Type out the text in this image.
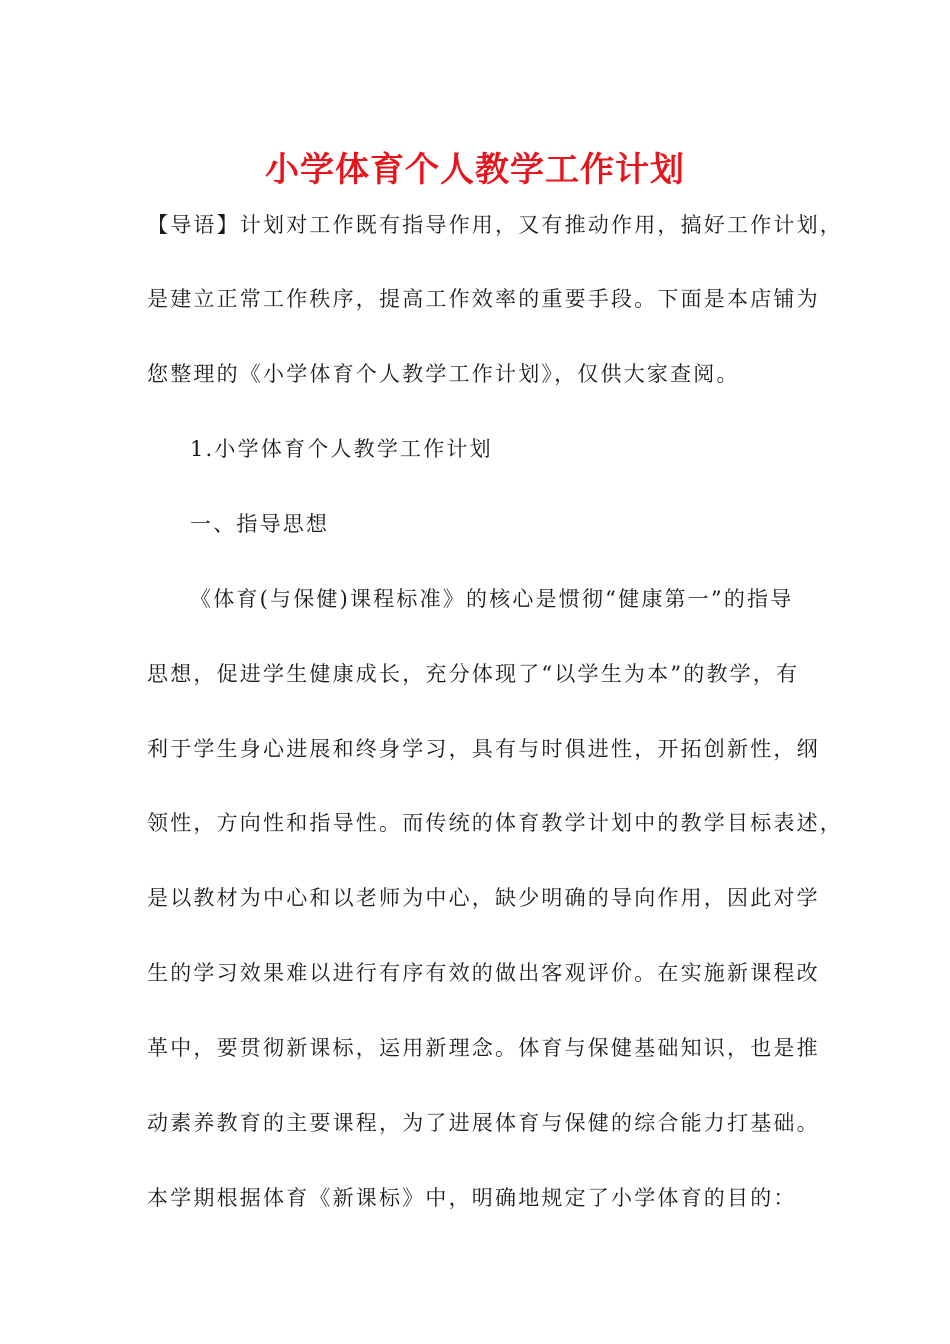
小学体育个人教学工作计划
【导语】计划对工作既有指导作用，又有推动作用，搞好工作计划，
是建立正常工作秩序，提高工作效率的重要手段。下面是本店铺为
您整理的《小学体育个人教学工作计划》，仅供大家查阅。
1.小学体育个人教学工作计划
一、指导思想
《体育(与保健)课程标准》的核心是惯彻“健康第一”的指导
思想，促进学生健康成长，充分体现了“以学生为本”的教学，有
利于学生身心进展和终身学习，具有与时俱进性，开拓创新性，纲
领性，方向性和指导性。而传统的体育教学计划中的教学目标表述，
是以教材为中心和以老师为中心，缺少明确的导向作用，因此对学
生的学习效果难以进行有序有效的做出客观评价。在实施新课程改
革中，要贯彻新课标，运用新理念。体育与保健基础知识，也是推
动素养教育的主要课程，为了进展体育与保健的综合能力打基础。
本学期根据体育《新课标》中，明确地规定了小学体育的目的：
